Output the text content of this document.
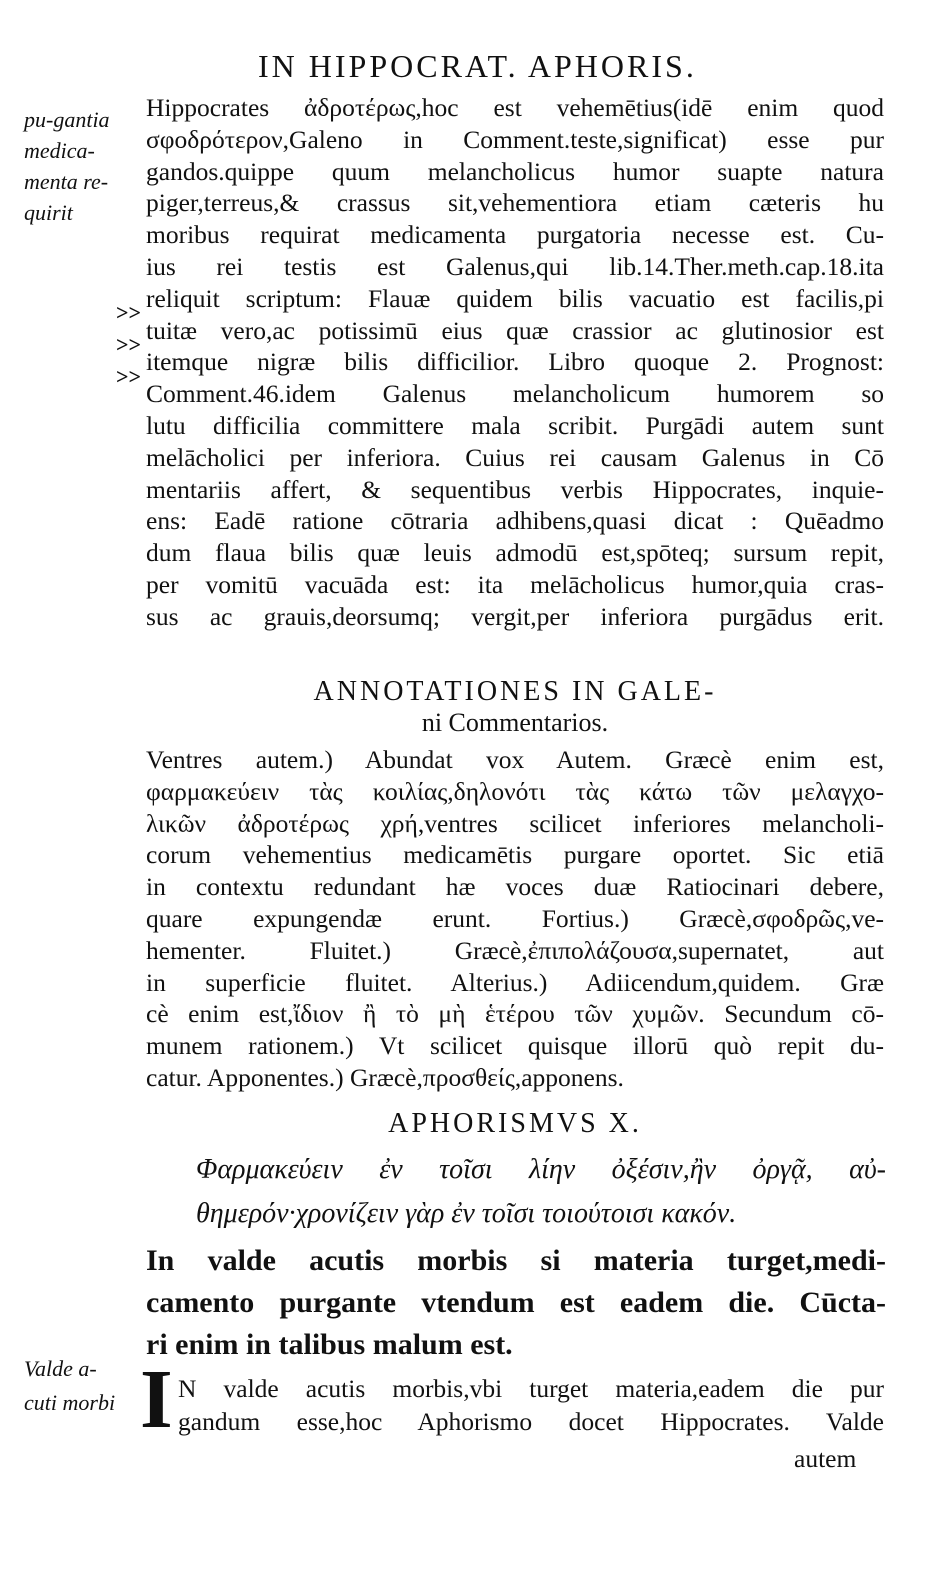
IN HIPPOCRAT. APHORIS.
pu-gantia
medica-
menta re-
quirit
>>
>>
>>
Hippocrates ἀδροτέρως,hoc est vehemētius(idē enim quod
σφοδρότερον,Galeno in Comment.teste,significat) esse pur
gandos.quippe quum melancholicus humor suapte natura
piger,terreus,& crassus sit,vehementiora etiam cæteris hu
moribus requirat medicamenta purgatoria necesse est. Cu-
ius rei testis est Galenus,qui lib.14.Ther.meth.cap.18.ita
reliquit scriptum: Flauæ quidem bilis vacuatio est facilis,pi
tuitæ vero,ac potissimū eius quæ crassior ac glutinosior est
itemque nigræ bilis difficilior. Libro quoque 2. Prognost:
Comment.46.idem Galenus melancholicum humorem so
lutu difficilia committere mala scribit. Purgādi autem sunt
melācholici per inferiora. Cuius rei causam Galenus in Cō
mentariis affert, & sequentibus verbis Hippocrates, inquie-
ens: Eadē ratione cōtraria adhibens,quasi dicat : Quēadmo
dum flaua bilis quæ leuis admodū est,spōteq; sursum repit,
per vomitū vacuāda est: ita melācholicus humor,quia cras-
sus ac grauis,deorsumq; vergit,per inferiora purgādus erit.
ANNOTATIONES IN GALE-
ni Commentarios.
Ventres autem.) Abundat vox Autem. Græcè enim est,
φαρμακεύειν τὰς κοιλίας,δηλονότι τὰς κάτω τῶν μελαγχο-
λικῶν ἀδροτέρως χρή,ventres scilicet inferiores melancholi-
corum vehementius medicamētis purgare oportet. Sic etiā
in contextu redundant hæ voces duæ Ratiocinari debere,
quare expungendæ erunt. Fortius.) Græcè,σφοδρῶς,ve-
hementer. Fluitet.) Græcè,ἐπιπολάζουσα,supernatet, aut
in superficie fluitet. Alterius.) Adiicendum,quidem. Græ
cè enim est,ἴδιον ἢ τὸ μὴ ἑτέρου τῶν χυμῶν. Secundum cō-
munem rationem.) Vt scilicet quisque illorū quò repit du-
catur. Apponentes.) Græcè,προσθείς,apponens.
APHORISMVS X.
Φαρμακεύειν ἐν τοῖσι λίην ὀξέσιν,ἢν ὀργᾷ, αὐ-
θημερόν·χρονίζειν γὰρ ἐν τοῖσι τοιούτοισι κακόν.
In valde acutis morbis si materia turget,medi-
camento purgante vtendum est eadem die. Cūcta-
ri enim in talibus malum est.
Valde a-
cuti morbi I N valde acutis morbis,vbi turget materia,eadem die pur
gandum esse,hoc Aphorismo docet Hippocrates. Valde
autem
